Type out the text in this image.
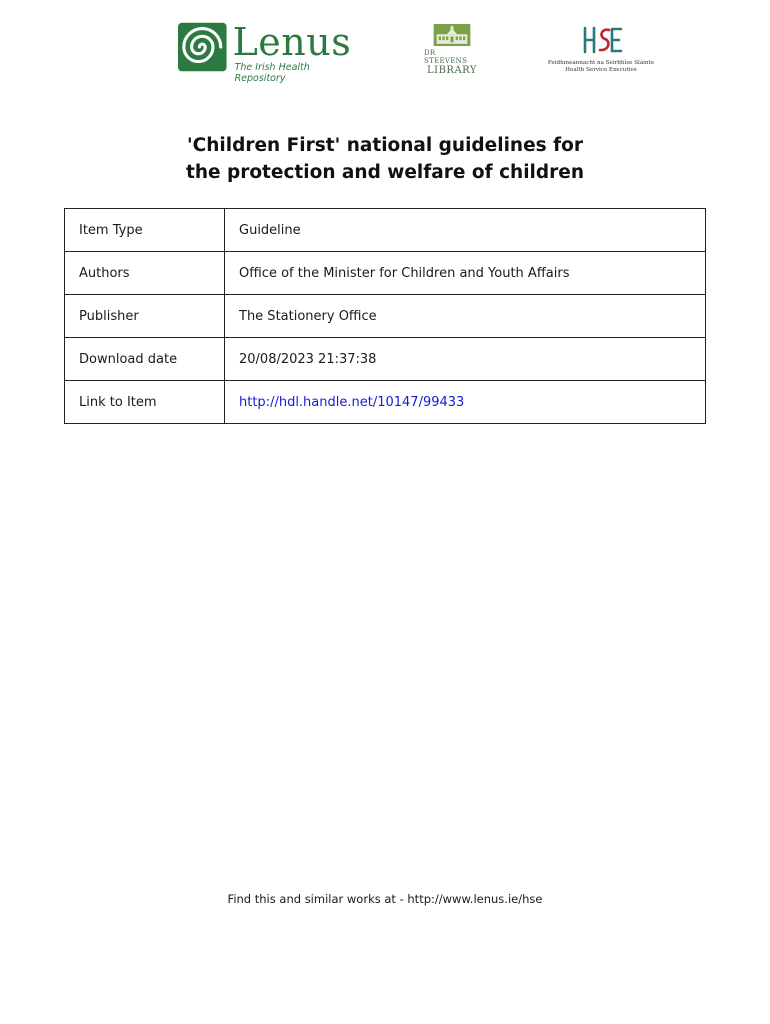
Lenus
The Irish Health Repository
DR STEEVENS
LIBRARY
Feidhmeannacht na Seirbhíse Sláinte
Health Service Executive
'Children First' national guidelines for
the protection and welfare of children
Item Type	Guideline
Authors	Office of the Minister for Children and Youth Affairs
Publisher	The Stationery Office
Download date	20/08/2023 21:37:38
Link to Item	http://hdl.handle.net/10147/99433
Find this and similar works at - http://www.lenus.ie/hse
